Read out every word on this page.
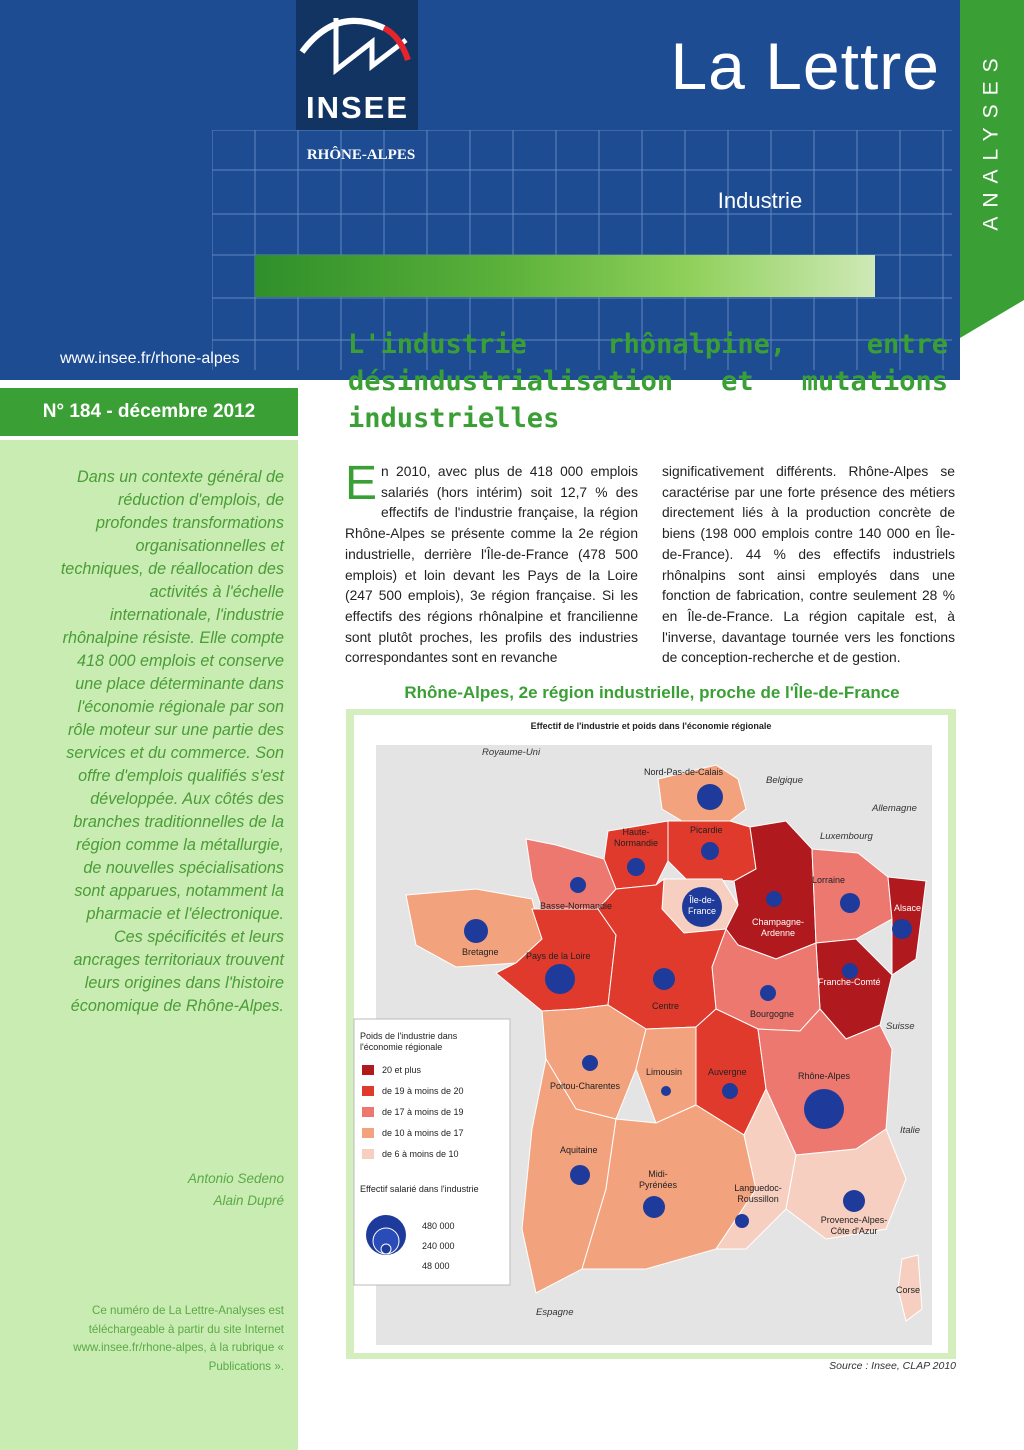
INSEE
RHÔNE-ALPES
La Lettre
Industrie
www.insee.fr/rhone-alpes
ANALYSES
N° 184 - décembre 2012

Dans un contexte général de réduction d'emplois, de profondes transformations organisationnelles et techniques, de réallocation des activités à l'échelle internationale, l'industrie rhônalpine résiste. Elle compte 418 000 emplois et conserve une place déterminante dans l'économie régionale par son rôle moteur sur une partie des services et du commerce. Son offre d'emplois qualifiés s'est développée. Aux côtés des branches traditionnelles de la région comme la métallurgie, de nouvelles spécialisations sont apparues, notamment la pharmacie et l'électronique. Ces spécificités et leurs ancrages territoriaux trouvent leurs origines dans l'histoire économique de Rhône-Alpes.

Antonio Sedeno
Alain Dupré
Ce numéro de La Lettre-Analyses est téléchargeable à partir du site Internet www.insee.fr/rhone-alpes, à la rubrique « Publications ».
L'industrie rhônalpine, entre désindustrialisation et mutations industrielles

En 2010, avec plus de 418 000 emplois salariés (hors intérim) soit 12,7 % des effectifs de l'industrie française, la région Rhône-Alpes se présente comme la 2e région industrielle, derrière l'Île-de-France (478 500 emplois) et loin devant les Pays de la Loire (247 500 emplois), 3e région française. Si les effectifs des régions rhônalpine et francilienne sont plutôt proches, les profils des industries correspondantes sont en revanche

significativement différents. Rhône-Alpes se caractérise par une forte présence des métiers directement liés à la production concrète de biens (198 000 emplois contre 140 000 en Île-de-France). 44 % des effectifs industriels rhônalpins sont ainsi employés dans une fonction de fabrication, contre seulement 28 % en Île-de-France. La région capitale est, à l'inverse, davantage tournée vers les fonctions de conception-recherche et de gestion.

Rhône-Alpes, 2e région industrielle, proche de l'Île-de-France
Effectif de l'industrie et poids dans l'économie régionale
Poids de l'industrie dans l'économie régionale
20 et plus
de 19 à moins de 20
de 17 à moins de 19
de 10 à moins de 17
de 6 à moins de 10
Effectif salarié dans l'industrie
480 000
240 000
48 000
Royaume-Uni
Belgique
Allemagne
Luxembourg
Suisse
Italie
Espagne
Nord-Pas-de-Calais
Picardie
Haute-Normandie
Basse-Normandie
Bretagne	Pays de la Loire
Île-de-France
Champagne-Ardenne
Lorraine
Alsace
Franche-Comté
Bourgogne
Centre
Poitou-Charentes
Limousin	Auvergne	Rhône-Alpes
Aquitaine
Midi-Pyrénées	Languedoc-Roussillon
Provence-Alpes-Côte d'Azur
Corse
Source : Insee, CLAP 2010
